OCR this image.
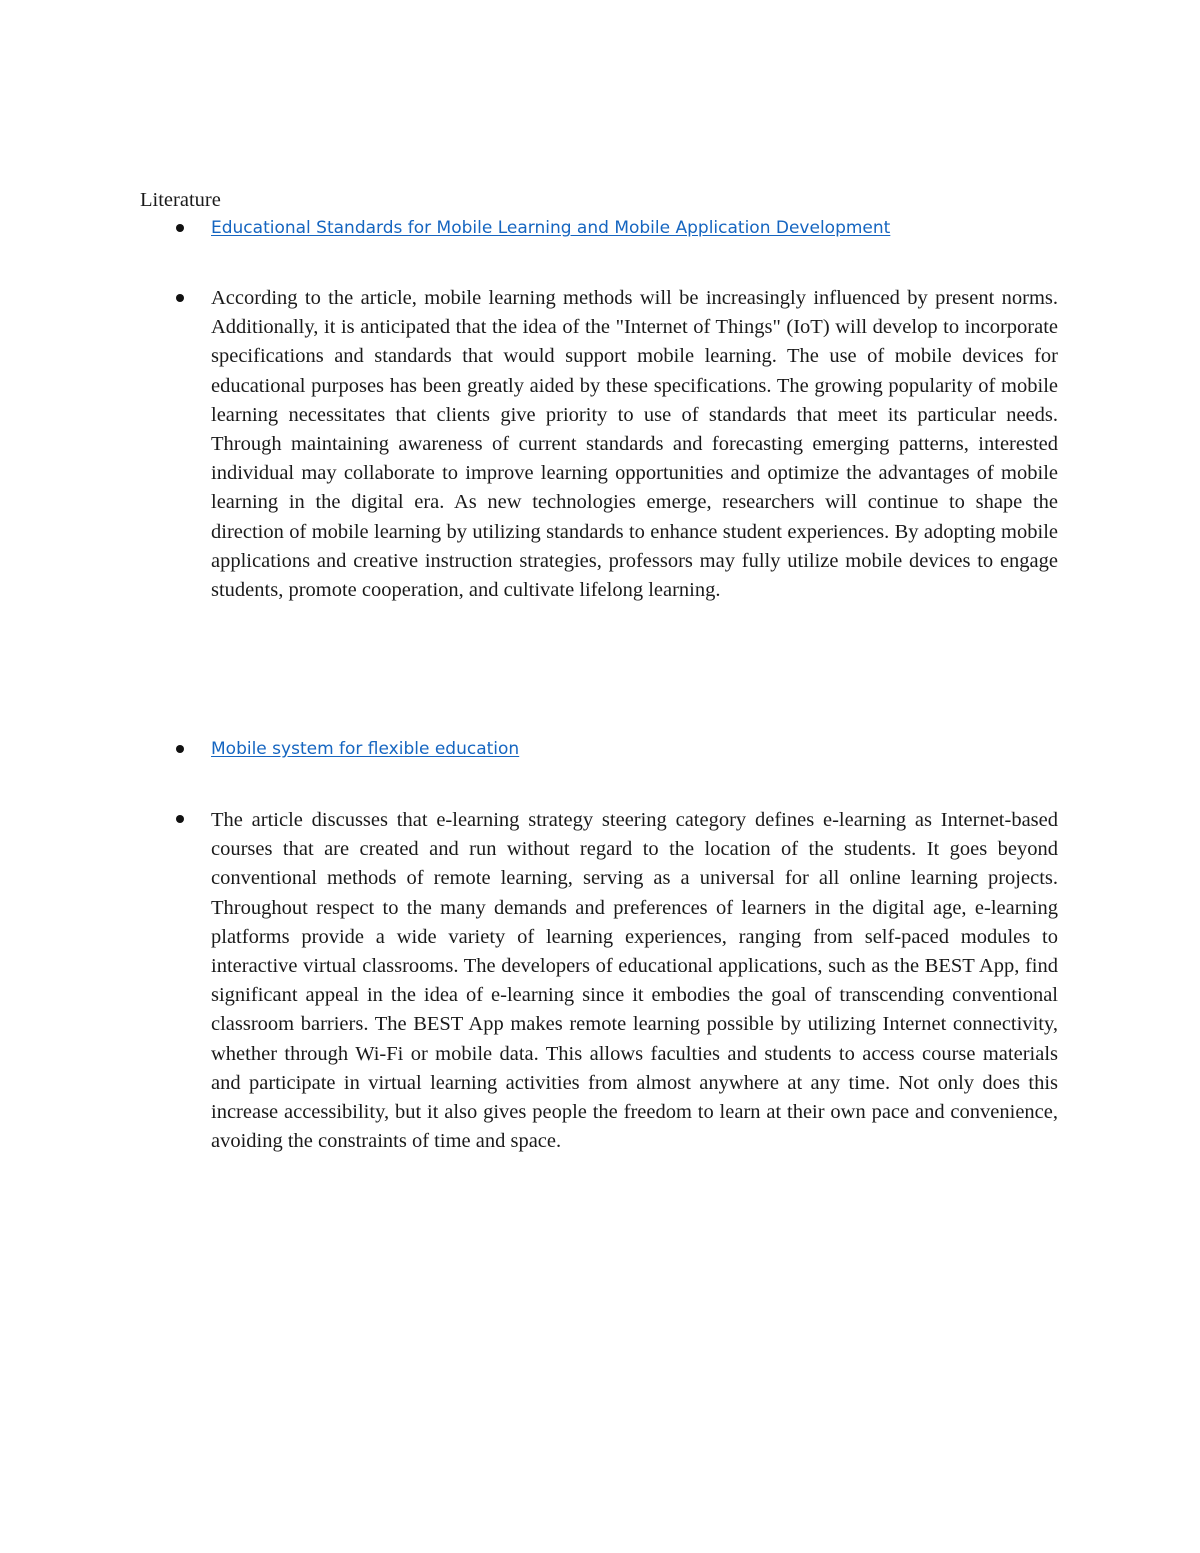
Literature
Educational Standards for Mobile Learning and Mobile Application Development

According to the article, mobile learning methods will be increasingly influenced by present norms. Additionally, it is anticipated that the idea of the "Internet of Things" (IoT) will develop to incorporate specifications and standards that would support mobile learning. The use of mobile devices for educational purposes has been greatly aided by these specifications. The growing popularity of mobile learning necessitates that clients give priority to use of standards that meet its particular needs. Through maintaining awareness of current standards and forecasting emerging patterns, interested individual may collaborate to improve learning opportunities and optimize the advantages of mobile learning in the digital era. As new technologies emerge, researchers will continue to shape the direction of mobile learning by utilizing standards to enhance student experiences. By adopting mobile applications and creative instruction strategies, professors may fully utilize mobile devices to engage students, promote cooperation, and cultivate lifelong learning.

Mobile system for flexible education

The article discusses that e-learning strategy steering category defines e-learning as Internet-based courses that are created and run without regard to the location of the students. It goes beyond conventional methods of remote learning, serving as a universal for all online learning projects. Throughout respect to the many demands and preferences of learners in the digital age, e-learning platforms provide a wide variety of learning experiences, ranging from self-paced modules to interactive virtual classrooms. The developers of educational applications, such as the BEST App, find significant appeal in the idea of e-learning since it embodies the goal of transcending conventional classroom barriers. The BEST App makes remote learning possible by utilizing Internet connectivity, whether through Wi-Fi or mobile data. This allows faculties and students to access course materials and participate in virtual learning activities from almost anywhere at any time. Not only does this increase accessibility, but it also gives people the freedom to learn at their own pace and convenience, avoiding the constraints of time and space.
